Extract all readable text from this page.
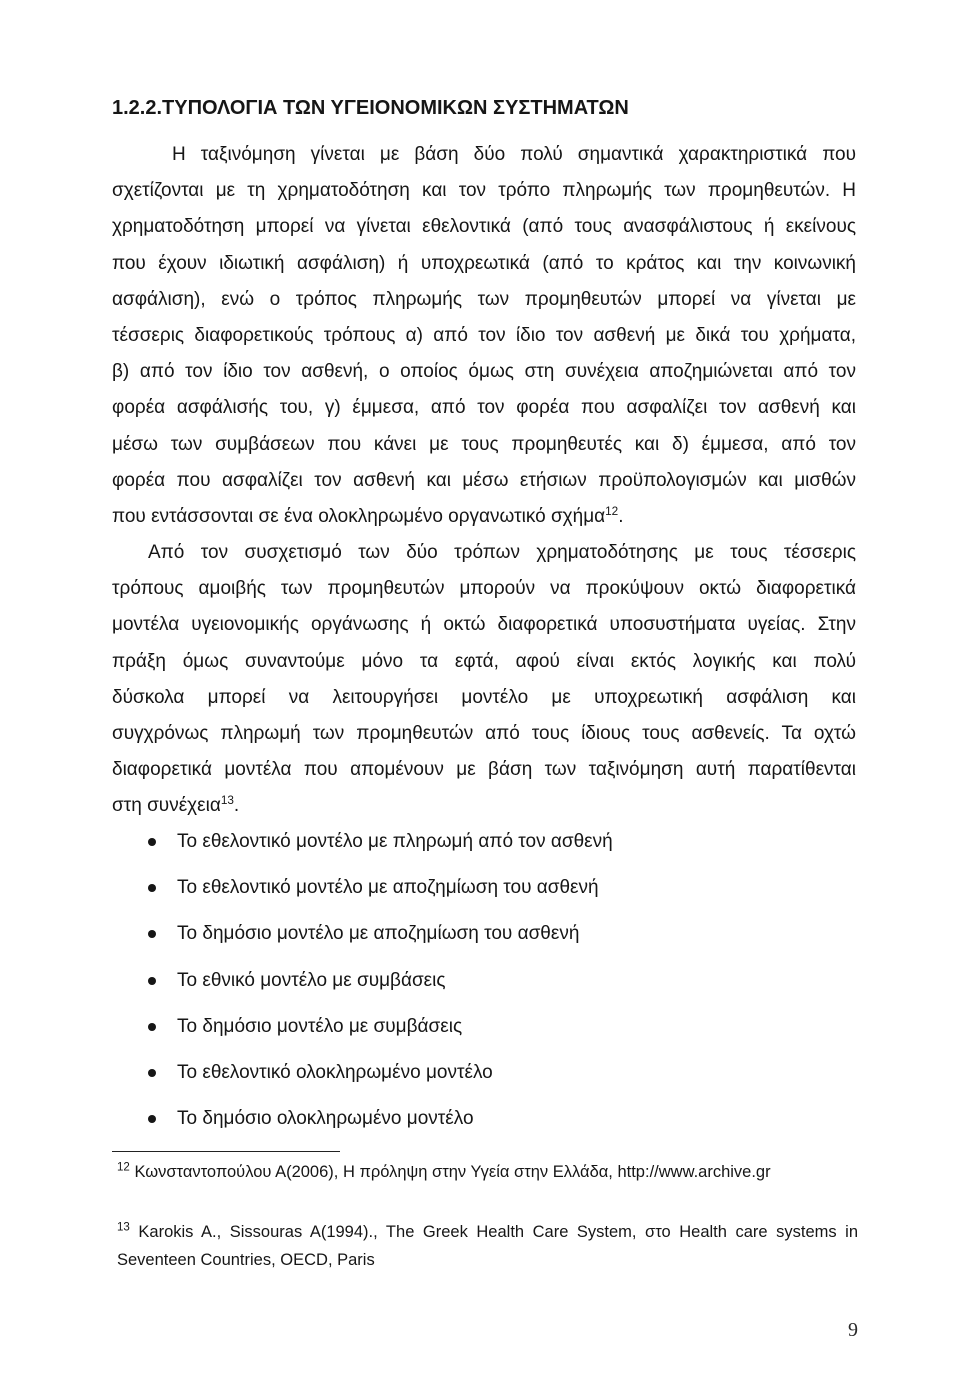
1.2.2.ΤΥΠΟΛΟΓΙΑ ΤΩΝ ΥΓΕΙΟΝΟΜΙΚΩΝ ΣΥΣΤΗΜΑΤΩΝ
Η ταξινόμηση γίνεται με βάση δύο πολύ σημαντικά χαρακτηριστικά που
σχετίζονται με τη χρηματοδότηση και τον τρόπο πληρωμής των προμηθευτών. Η
χρηματοδότηση μπορεί να γίνεται εθελοντικά (από τους ανασφάλιστους ή εκείνους
που έχουν ιδιωτική ασφάλιση) ή υποχρεωτικά (από το κράτος και την κοινωνική
ασφάλιση), ενώ ο τρόπος πληρωμής των προμηθευτών μπορεί να γίνεται με
τέσσερις διαφορετικούς τρόπους α) από τον ίδιο τον ασθενή με δικά του χρήματα,
β) από τον ίδιο τον ασθενή, ο οποίος όμως στη συνέχεια αποζημιώνεται από τον
φορέα ασφάλισής του, γ) έμμεσα, από τον φορέα που ασφαλίζει τον ασθενή και
μέσω των συμβάσεων που κάνει με τους προμηθευτές και δ) έμμεσα, από τον
φορέα που ασφαλίζει τον ασθενή και μέσω ετήσιων προϋπολογισμών και μισθών
που εντάσσονται σε ένα ολοκληρωμένο οργανωτικό σχήμα$^{12}$.
Από τον συσχετισμό των δύο τρόπων χρηματοδότησης με τους τέσσερις
τρόπους αμοιβής των προμηθευτών μπορούν να προκύψουν οκτώ διαφορετικά
μοντέλα υγειονομικής οργάνωσης ή οκτώ διαφορετικά υποσυστήματα υγείας. Στην
πράξη όμως συναντούμε μόνο τα εφτά, αφού είναι εκτός λογικής και πολύ
δύσκολα μπορεί να λειτουργήσει μοντέλο με υποχρεωτική ασφάλιση και
συγχρόνως πληρωμή των προμηθευτών από τους ίδιους τους ασθενείς. Τα οχτώ
διαφορετικά μοντέλα που απομένουν με βάση των ταξινόμηση αυτή παρατίθενται
στη συνέχεια$^{13}$.
Το εθελοντικό μοντέλο με πληρωμή από τον ασθενή
Το εθελοντικό μοντέλο με αποζημίωση του ασθενή
Το δημόσιο μοντέλο με αποζημίωση του ασθενή
Το εθνικό μοντέλο με συμβάσεις
Το δημόσιο μοντέλο με συμβάσεις
Το εθελοντικό ολοκληρωμένο μοντέλο
Το δημόσιο ολοκληρωμένο μοντέλο
$^{12}$ Κωνσταντοπούλου Α(2006), Η πρόληψη στην Υγεία στην Ελλάδα, http://www.archive.gr
$^{13}$ Karokis A., Sissouras A(1994)., The Greek Health Care System, στο Health care systems in
Seventeen Countries, OECD, Paris
9
